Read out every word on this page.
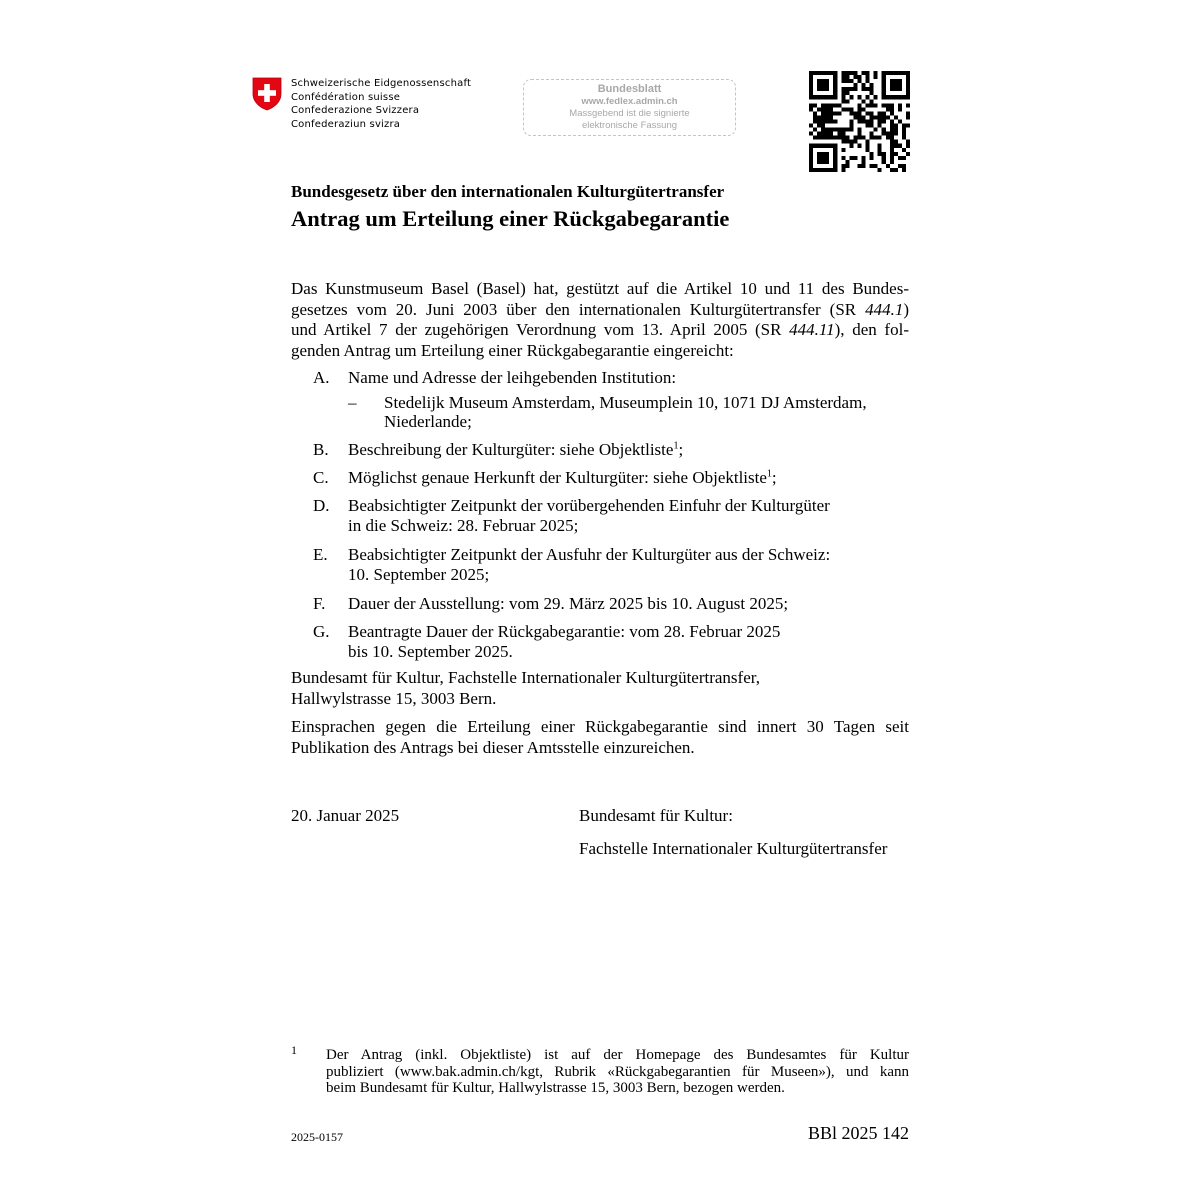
Schweizerische Eidgenossenschaft
Confédération suisse
Confederazione Svizzera
Confederaziun svizra
Bundesblatt
www.fedlex.admin.ch
Massgebend ist die signierte
elektronische Fassung
Bundesgesetz über den internationalen Kulturgütertransfer
Antrag um Erteilung einer Rückgabegarantie
Das Kunstmuseum Basel (Basel) hat, gestützt auf die Artikel 10 und 11 des Bundes-
gesetzes vom 20. Juni 2003 über den internationalen Kulturgütertransfer (SR 444.1)
und Artikel 7 der zugehörigen Verordnung vom 13. April 2005 (SR 444.11), den fol-
genden Antrag um Erteilung einer Rückgabegarantie eingereicht:
A. Name und Adresse der leihgebenden Institution:
– Stedelijk Museum Amsterdam, Museumplein 10, 1071 DJ Amsterdam,
Niederlande;
B. Beschreibung der Kulturgüter: siehe Objektliste$^1$;
C. Möglichst genaue Herkunft der Kulturgüter: siehe Objektliste$^1$;
D. Beabsichtigter Zeitpunkt der vorübergehenden Einfuhr der Kulturgüter
in die Schweiz: 28. Februar 2025;
E. Beabsichtigter Zeitpunkt der Ausfuhr der Kulturgüter aus der Schweiz:
10. September 2025;
F. Dauer der Ausstellung: vom 29. März 2025 bis 10. August 2025;
G. Beantragte Dauer der Rückgabegarantie: vom 28. Februar 2025
bis 10. September 2025.
Bundesamt für Kultur, Fachstelle Internationaler Kulturgütertransfer,
Hallwylstrasse 15, 3003 Bern.
Einsprachen gegen die Erteilung einer Rückgabegarantie sind innert 30 Tagen seit
Publikation des Antrags bei dieser Amtsstelle einzureichen.
20. Januar 2025	Bundesamt für Kultur:
Fachstelle Internationaler Kulturgütertransfer
1 Der Antrag (inkl. Objektliste) ist auf der Homepage des Bundesamtes für Kultur
publiziert (www.bak.admin.ch/kgt, Rubrik «Rückgabegarantien für Museen»), und kann
beim Bundesamt für Kultur, Hallwylstrasse 15, 3003 Bern, bezogen werden.
2025-0157	BBl 2025 142
